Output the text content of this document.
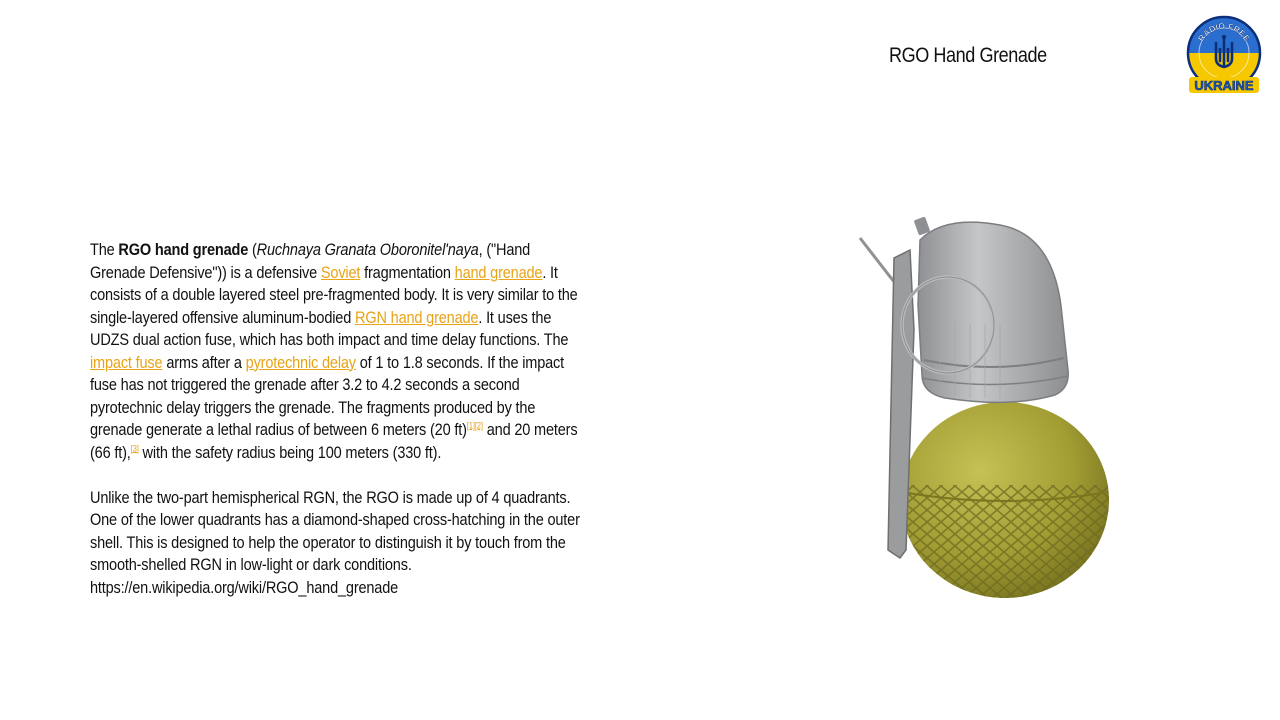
RGO Hand Grenade
RADIO FREE
UKRAINE

The RGO hand grenade (Ruchnaya Granata Oboronitel'naya, ("Hand Grenade Defensive")) is a defensive Soviet fragmentation hand grenade. It consists of a double layered steel pre-fragmented body. It is very similar to the single-layered offensive aluminum-bodied RGN hand grenade. It uses the UDZS dual action fuse, which has both impact and time delay functions. The impact fuse arms after a pyrotechnic delay of 1 to 1.8 seconds. If the impact fuse has not triggered the grenade after 3.2 to 4.2 seconds a second pyrotechnic delay triggers the grenade. The fragments produced by the grenade generate a lethal radius of between 6 meters (20 ft)[1][2] and 20 meters (66 ft),[3] with the safety radius being 100 meters (330 ft).

Unlike the two-part hemispherical RGN, the RGO is made up of 4 quadrants. One of the lower quadrants has a diamond-shaped cross-hatching in the outer shell. This is designed to help the operator to distinguish it by touch from the smooth-shelled RGN in low-light or dark conditions.
https://en.wikipedia.org/wiki/RGO_hand_grenade
